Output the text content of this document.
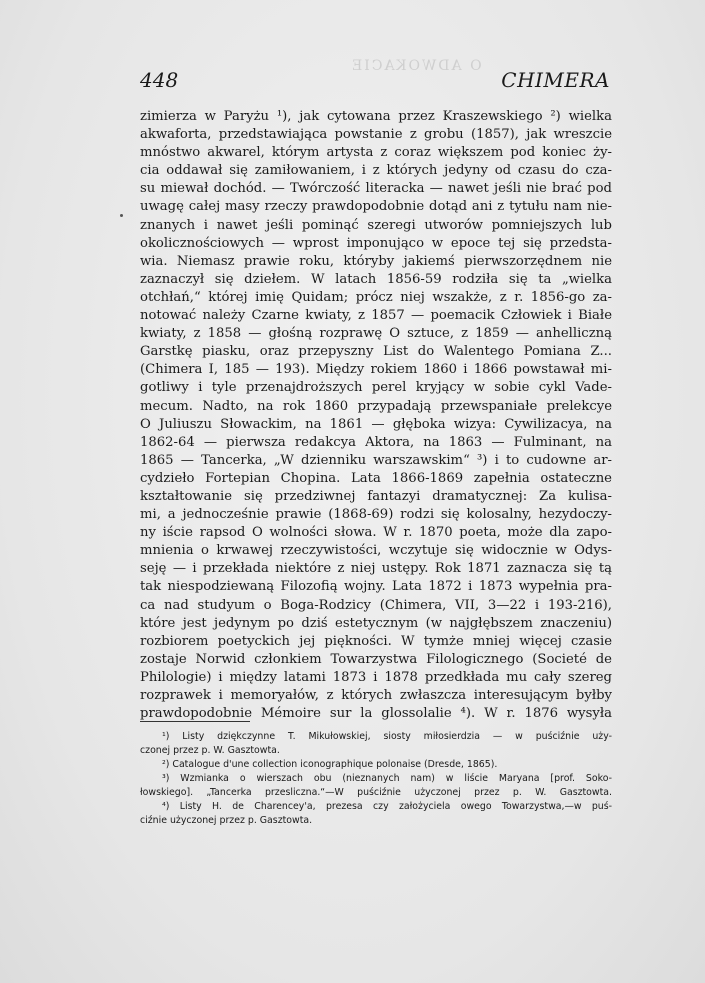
O ADWOKACIE
448	CHIMERA
zimierza w Paryżu ¹), jak cytowana przez Kraszewskiego ²) wielka
akwaforta, przedstawiająca powstanie z grobu (1857), jak wreszcie
mnóstwo akwarel, którym artysta z coraz większem pod koniec ży-
cia oddawał się zamiłowaniem, i z których jedyny od czasu do cza-
su miewał dochód. — Twórczość literacka — nawet jeśli nie brać pod
uwagę całej masy rzeczy prawdopodobnie dotąd ani z tytułu nam nie-
znanych i nawet jeśli pominąć szeregi utworów pomniejszych lub
okolicznościowych — wprost imponująco w epoce tej się przedsta-
wia. Niemasz prawie roku, któryby jakiemś pierwszorzędnem nie
zaznaczył się dziełem. W latach 1856-59 rodziła się ta „wielka
otchłań,“ której imię Quidam; prócz niej wszakże, z r. 1856-go za-
notować należy Czarne kwiaty, z 1857 — poemacik Człowiek i Białe
kwiaty, z 1858 — głośną rozprawę O sztuce, z 1859 — anhelliczną
Garstkę piasku, oraz przepyszny List do Walentego Pomiana Z...
(Chimera I, 185 — 193). Między rokiem 1860 i 1866 powstawał mi-
gotliwy i tyle przenajdroższych perel kryjący w sobie cykl Vade-
mecum. Nadto, na rok 1860 przypadają przewspaniałe prelekcye
O Juliuszu Słowackim, na 1861 — głęboka wizya: Cywilizacya, na
1862-64 — pierwsza redakcya Aktora, na 1863 — Fulminant, na
1865 — Tancerka, „W dzienniku warszawskim“ ³) i to cudowne ar-
cydzieło Fortepian Chopina. Lata 1866-1869 zapełnia ostateczne
kształtowanie się przedziwnej fantazyi dramatycznej: Za kulisa-
mi, a jednocześnie prawie (1868-69) rodzi się kolosalny, hezydoczy-
ny iście rapsod O wolności słowa. W r. 1870 poeta, może dla zapo-
mnienia o krwawej rzeczywistości, wczytuje się widocznie w Odys-
seję — i przekłada niektóre z niej ustępy. Rok 1871 zaznacza się tą
tak niespodziewaną Filozofią wojny. Lata 1872 i 1873 wypełnia pra-
ca nad studyum o Boga-Rodzicy (Chimera, VII, 3—22 i 193-216),
które jest jedynym po dziś estetycznym (w najgłębszem znaczeniu)
rozbiorem poetyckich jej piękności. W tymże mniej więcej czasie
zostaje Norwid członkiem Towarzystwa Filologicznego (Societé de
Philologie) i między latami 1873 i 1878 przedkłada mu cały szereg
rozprawek i memoryałów, z których zwłaszcza interesującym byłby
prawdopodobnie Mémoire sur la glossolalie ⁴). W r. 1876 wysyła
¹) Listy dziękczynne T. Mikułowskiej, siosty miłosierdzia — w puściźnie uży-
czonej przez p. W. Gasztowta.
²) Catalogue d'une collection iconographique polonaise (Dresde, 1865).
³) Wzmianka o wierszach obu (nieznanych nam) w liście Maryana [prof. Soko-
łowskiego]. „Tancerka przesliczna.“—W puściźnie użyczonej przez p. W. Gasztowta.
⁴) Listy H. de Charencey'a, prezesa czy założyciela owego Towarzystwa,—w puś-
ciźnie użyczonej przez p. Gasztowta.
